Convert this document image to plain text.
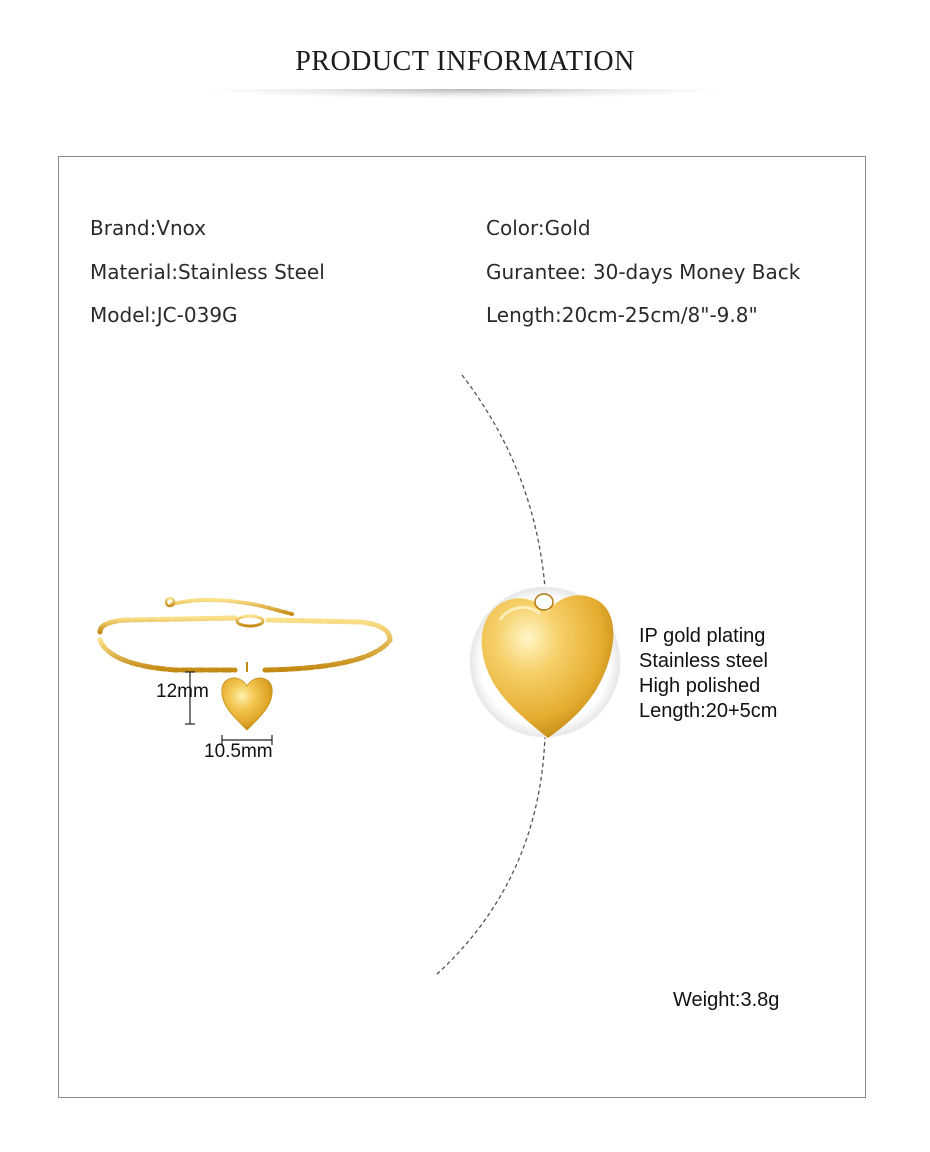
PRODUCT INFORMATION
Brand:Vnox
Material:Stainless Steel
Model:JC-039G
Color:Gold
Gurantee: 30-days Money Back
Length:20cm-25cm/8"-9.8"
12mm
10.5mm
IP gold plating
Stainless steel
High polished
Length:20+5cm
Weight:3.8g
